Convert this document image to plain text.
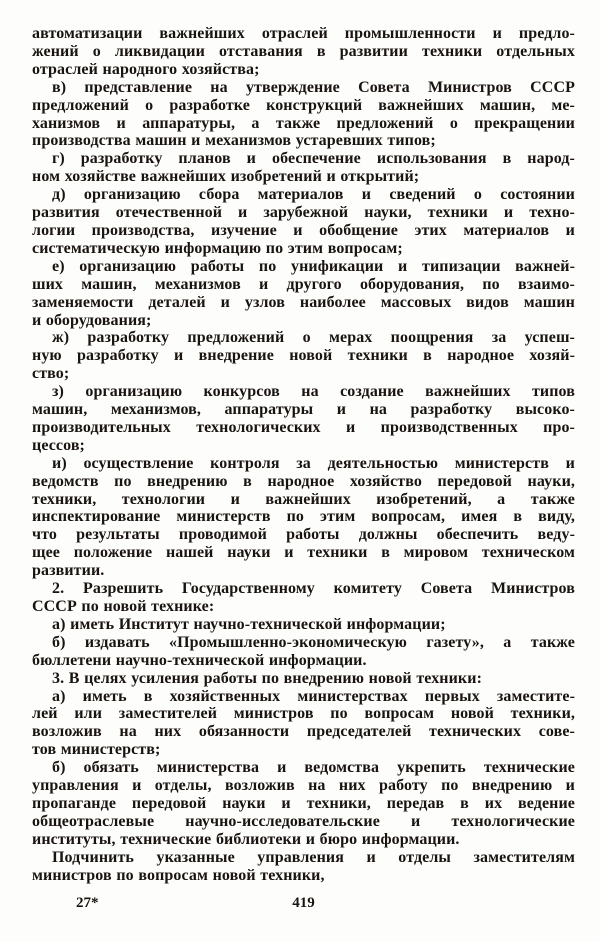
автоматизации важнейших отраслей промышленности и предло-
жений о ликвидации отставания в развитии техники отдельных
отраслей народного хозяйства;

в) представление на утверждение Совета Министров СССР
предложений о разработке конструкций важнейших машин, ме-
ханизмов и аппаратуры, а также предложений о прекращении
производства машин и механизмов устаревших типов;

г) разработку планов и обеспечение использования в народ-
ном хозяйстве важнейших изобретений и открытий;

д) организацию сбора материалов и сведений о состоянии
развития отечественной и зарубежной науки, техники и техно-
логии производства, изучение и обобщение этих материалов и
систематическую информацию по этим вопросам;

е) организацию работы по унификации и типизации важней-
ших машин, механизмов и другого оборудования, по взаимо-
заменяемости деталей и узлов наиболее массовых видов машин
и оборудования;

ж) разработку предложений о мерах поощрения за успеш-
ную разработку и внедрение новой техники в народное хозяй-
ство;

з) организацию конкурсов на создание важнейших типов
машин, механизмов, аппаратуры и на разработку высоко-
производительных технологических и производственных про-
цессов;

и) осуществление контроля за деятельностью министерств и
ведомств по внедрению в народное хозяйство передовой науки,
техники, технологии и важнейших изобретений, а также
инспектирование министерств по этим вопросам, имея в виду,
что результаты проводимой работы должны обеспечить веду-
щее положение нашей науки и техники в мировом техническом
развитии.

2. Разрешить Государственному комитету Совета Министров
СССР по новой технике:

а) иметь Институт научно-технической информации;

б) издавать «Промышленно-экономическую газету», а также
бюллетени научно-технической информации.

3. В целях усиления работы по внедрению новой техники:

а) иметь в хозяйственных министерствах первых заместите-
лей или заместителей министров по вопросам новой техники,
возложив на них обязанности председателей технических сове-
тов министерств;

б) обязать министерства и ведомства укрепить технические
управления и отделы, возложив на них работу по внедрению и
пропаганде передовой науки и техники, передав в их ведение
общеотраслевые научно-исследовательские и технологические
институты, технические библиотеки и бюро информации.

Подчинить указанные управления и отделы заместителям
министров по вопросам новой техники,

27*	419
